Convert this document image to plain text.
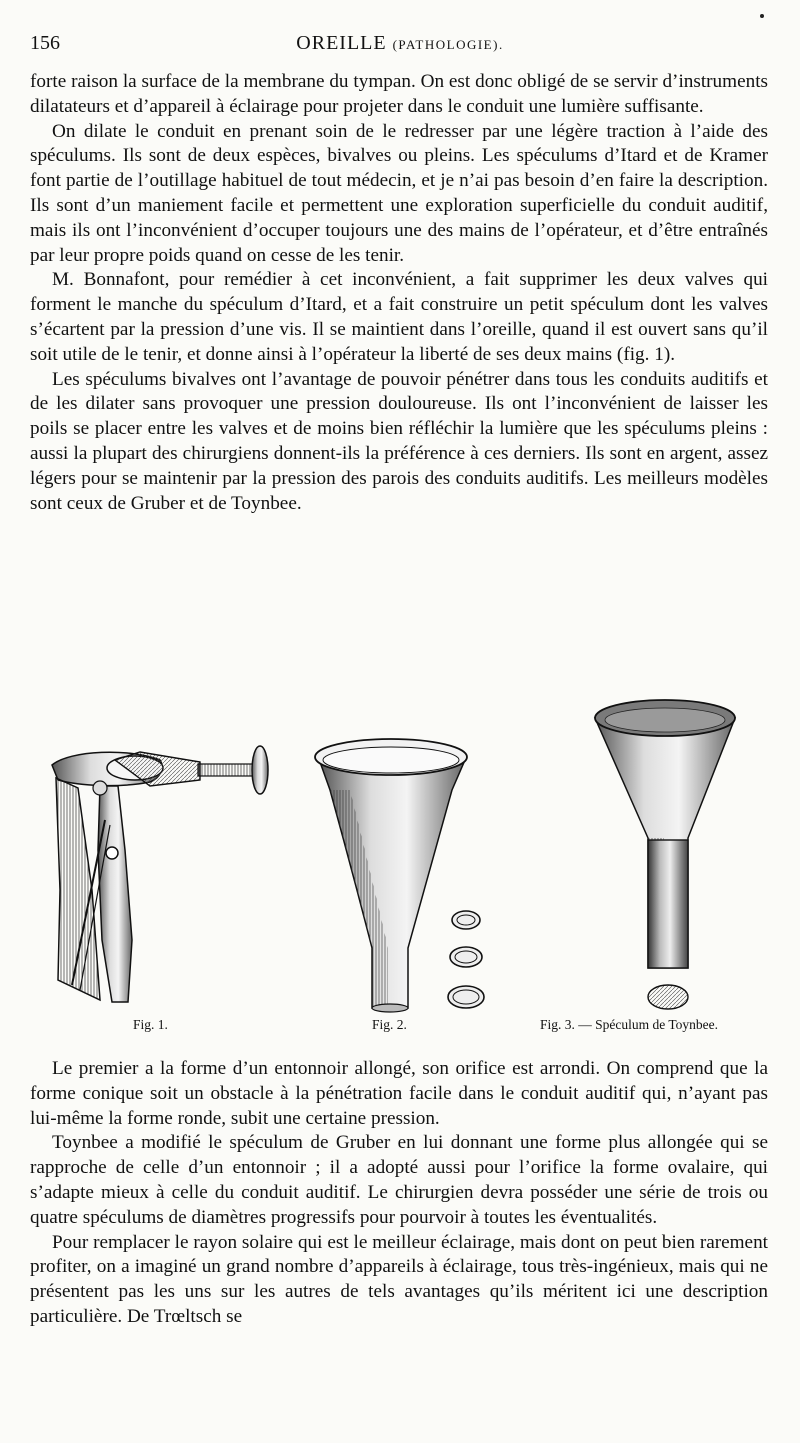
156	OREILLE (PATHOLOGIE).

forte raison la surface de la membrane du tympan. On est donc obligé de se servir d’instruments dilatateurs et d’appareil à éclairage pour projeter dans le conduit une lumière suffisante.

On dilate le conduit en prenant soin de le redresser par une légère traction à l’aide des spéculums. Ils sont de deux espèces, bivalves ou pleins. Les spéculums d’Itard et de Kramer font partie de l’outillage habituel de tout médecin, et je n’ai pas besoin d’en faire la description. Ils sont d’un maniement facile et permettent une exploration superficielle du conduit auditif, mais ils ont l’inconvénient d’occuper toujours une des mains de l’opérateur, et d’être entraînés par leur propre poids quand on cesse de les tenir.

M. Bonnafont, pour remédier à cet inconvénient, a fait supprimer les deux valves qui forment le manche du spéculum d’Itard, et a fait construire un petit spéculum dont les valves s’écartent par la pression d’une vis. Il se maintient dans l’oreille, quand il est ouvert sans qu’il soit utile de le tenir, et donne ainsi à l’opérateur la liberté de ses deux mains (fig. 1).

Les spéculums bivalves ont l’avantage de pouvoir pénétrer dans tous les conduits auditifs et de les dilater sans provoquer une pression douloureuse. Ils ont l’inconvénient de laisser les poils se placer entre les valves et de moins bien réfléchir la lumière que les spéculums pleins : aussi la plupart des chirurgiens donnent-ils la préférence à ces derniers. Ils sont en argent, assez légers pour se maintenir par la pression des parois des conduits auditifs. Les meilleurs modèles sont ceux de Gruber et de Toynbee.

Fig. 1.	Fig. 2.	Fig. 3. — Spéculum de Toynbee.

Le premier a la forme d’un entonnoir allongé, son orifice est arrondi. On comprend que la forme conique soit un obstacle à la pénétration facile dans le conduit auditif qui, n’ayant pas lui-même la forme ronde, subit une certaine pression.

Toynbee a modifié le spéculum de Gruber en lui donnant une forme plus allongée qui se rapproche de celle d’un entonnoir ; il a adopté aussi pour l’orifice la forme ovalaire, qui s’adapte mieux à celle du conduit auditif. Le chirurgien devra posséder une série de trois ou quatre spéculums de diamètres progressifs pour pourvoir à toutes les éventualités.

Pour remplacer le rayon solaire qui est le meilleur éclairage, mais dont on peut bien rarement profiter, on a imaginé un grand nombre d’appareils à éclairage, tous très-ingénieux, mais qui ne présentent pas les uns sur les autres de tels avantages qu’ils méritent ici une description particulière. De Trœltsch se
